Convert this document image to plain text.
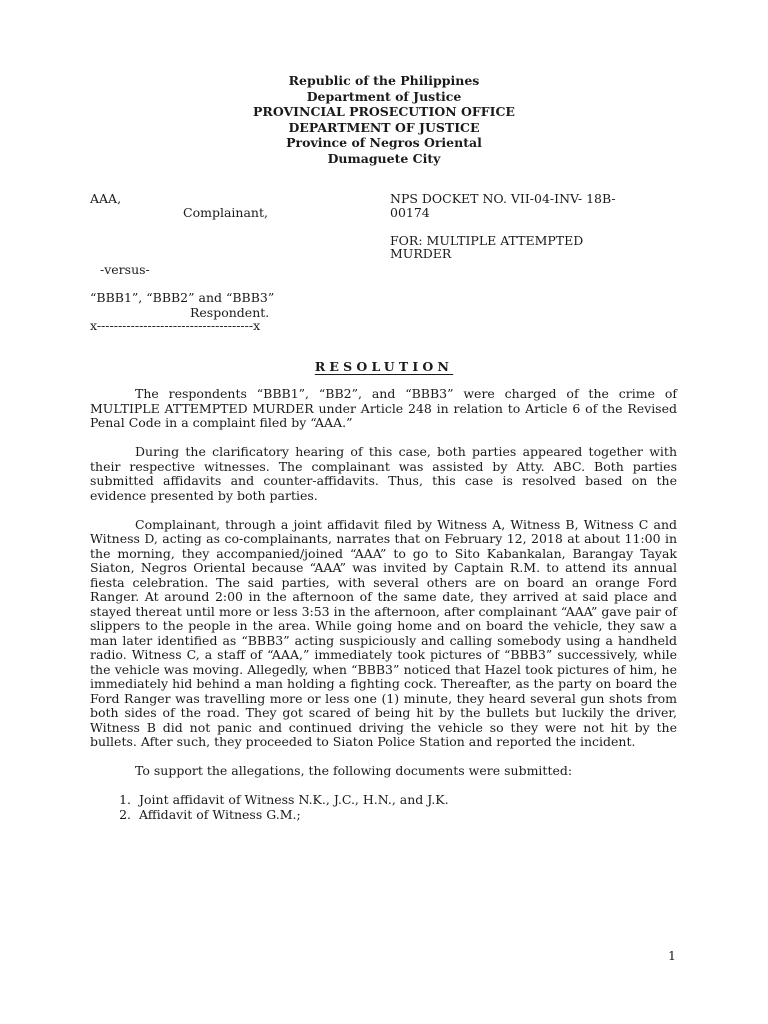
Republic of the Philippines
Department of Justice
PROVINCIAL PROSECUTION OFFICE
DEPARTMENT OF JUSTICE
Province of Negros Oriental
Dumaguete City
AAA,
Complainant,
-versus-
“BBB1”, “BBB2” and “BBB3”
Respondent.
x-------------------------------------x
NPS DOCKET NO. VII-04-INV- 18B-
00174
FOR: MULTIPLE ATTEMPTED
MURDER
RESOLUTION

The respondents “BBB1”, “BB2”, and “BBB3” were charged of the crime of MULTIPLE ATTEMPTED MURDER under Article 248 in relation to Article 6 of the Revised Penal Code in a complaint filed by “AAA.”

During the clarificatory hearing of this case, both parties appeared together with their respective witnesses. The complainant was assisted by Atty. ABC. Both parties submitted affidavits and counter-affidavits. Thus, this case is resolved based on the evidence presented by both parties.

Complainant, through a joint affidavit filed by Witness A, Witness B, Witness C and Witness D, acting as co-complainants, narrates that on February 12, 2018 at about 11:00 in the morning, they accompanied/joined “AAA” to go to Sito Kabankalan, Barangay Tayak Siaton, Negros Oriental because “AAA” was invited by Captain R.M. to attend its annual fiesta celebration. The said parties, with several others are on board an orange Ford Ranger. At around 2:00 in the afternoon of the same date, they arrived at said place and stayed thereat until more or less 3:53 in the afternoon, after complainant “AAA” gave pair of slippers to the people in the area. While going home and on board the vehicle, they saw a man later identified as “BBB3” acting suspiciously and calling somebody using a handheld radio. Witness C, a staff of “AAA,” immediately took pictures of “BBB3” successively, while the vehicle was moving. Allegedly, when “BBB3” noticed that Hazel took pictures of him, he immediately hid behind a man holding a fighting cock. Thereafter, as the party on board the Ford Ranger was travelling more or less one (1) minute, they heard several gun shots from both sides of the road. They got scared of being hit by the bullets but luckily the driver, Witness B did not panic and continued driving the vehicle so they were not hit by the bullets. After such, they proceeded to Siaton Police Station and reported the incident.

To support the allegations, the following documents were submitted:

1. Joint affidavit of Witness N.K., J.C., H.N., and J.K.
2. Affidavit of Witness G.M.;
1
